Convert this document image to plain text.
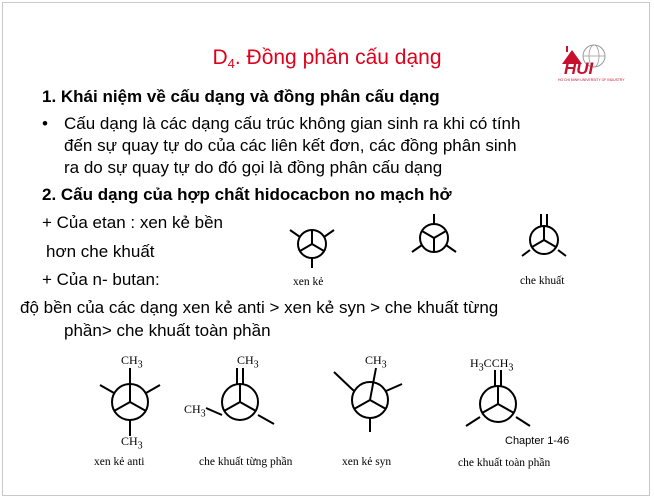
$D_4$. Đồng phân cấu dạng	HUI
HO CHI MINH UNIVERSITY OF INDUSTRY
1. Khái niệm về cấu dạng và đồng phân cấu dạng
• Cấu dạng là các dạng cấu trúc không gian sinh ra khi có tính
đến sự quay tự do của các liên kết đơn, các đồng phân sinh
ra do sự quay tự do đó gọi là đồng phân cấu dạng
2. Cấu dạng của hợp chất hidocacbon no mạch hở
+ Của etan : xen kẻ bền
hơn che khuất
+ Của n- butan:
độ bền của các dạng xen kẻ anti > xen kẻ syn > che khuất từng
phần> che khuất toàn phần
xen kẻ	che khuất
$CH_3$
$CH_3$
xen kẻ anti
$CH_3$
$CH_3$
che khuất từng phần
$CH_3$
xen kẻ syn
$H_3CCH_3$
che khuất toàn phần
Chapter 1-46
